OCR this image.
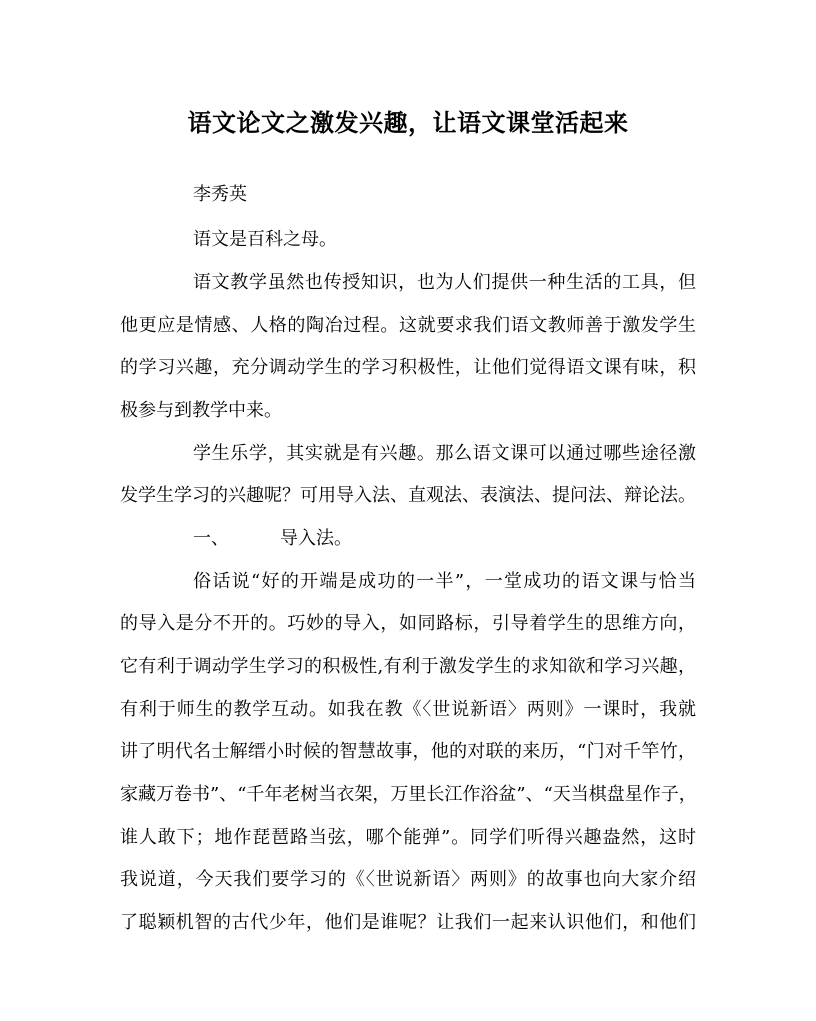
语文论文之激发兴趣，让语文课堂活起来
李秀英
语文是百科之母。
语文教学虽然也传授知识，也为人们提供一种生活的工具，但
他更应是情感、人格的陶冶过程。这就要求我们语文教师善于激发学生
的学习兴趣，充分调动学生的学习积极性，让他们觉得语文课有味，积
极参与到教学中来。
学生乐学，其实就是有兴趣。那么语文课可以通过哪些途径激
发学生学习的兴趣呢？可用导入法、直观法、表演法、提问法、辩论法。
一、	导入法。
俗话说“好的开端是成功的一半”，一堂成功的语文课与恰当
的导入是分不开的。巧妙的导入，如同路标，引导着学生的思维方向，
它有利于调动学生学习的积极性,有利于激发学生的求知欲和学习兴趣，
有利于师生的教学互动。如我在教《〈世说新语〉两则》一课时，我就
讲了明代名士解缙小时候的智慧故事，他的对联的来历，“门对千竿竹，
家藏万卷书”、“千年老树当衣架，万里长江作浴盆”、“天当棋盘星作子，
谁人敢下；地作琵琶路当弦，哪个能弹”。同学们听得兴趣盎然，这时
我说道，今天我们要学习的《〈世说新语〉两则》的故事也向大家介绍
了聪颖机智的古代少年，他们是谁呢？让我们一起来认识他们，和他们
